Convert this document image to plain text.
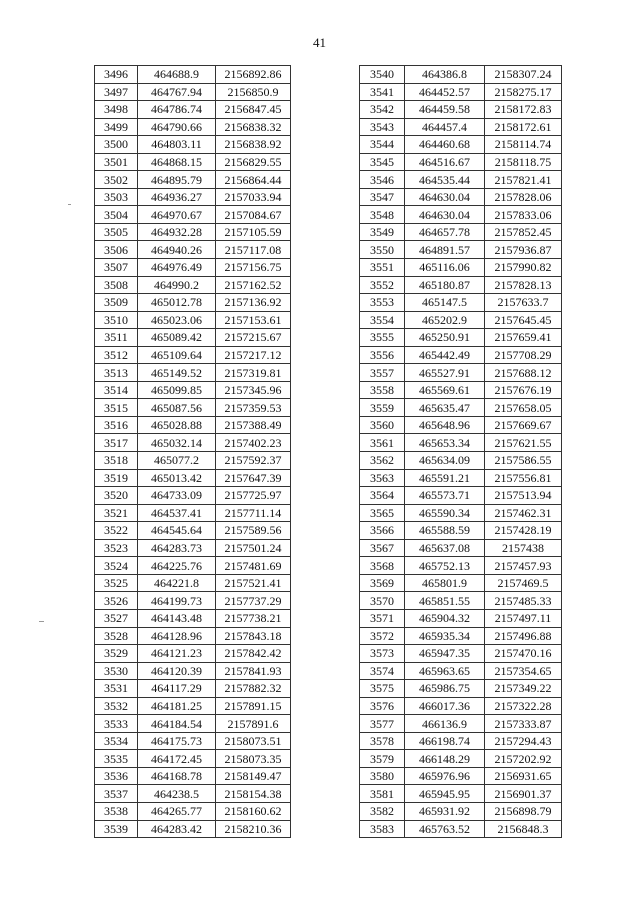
41
3496	464688.9	2156892.86
3497	464767.94	2156850.9
3498	464786.74	2156847.45
3499	464790.66	2156838.32
3500	464803.11	2156838.92
3501	464868.15	2156829.55
3502	464895.79	2156864.44
3503	464936.27	2157033.94
3504	464970.67	2157084.67
3505	464932.28	2157105.59
3506	464940.26	2157117.08
3507	464976.49	2157156.75
3508	464990.2	2157162.52
3509	465012.78	2157136.92
3510	465023.06	2157153.61
3511	465089.42	2157215.67
3512	465109.64	2157217.12
3513	465149.52	2157319.81
3514	465099.85	2157345.96
3515	465087.56	2157359.53
3516	465028.88	2157388.49
3517	465032.14	2157402.23
3518	465077.2	2157592.37
3519	465013.42	2157647.39
3520	464733.09	2157725.97
3521	464537.41	2157711.14
3522	464545.64	2157589.56
3523	464283.73	2157501.24
3524	464225.76	2157481.69
3525	464221.8	2157521.41
3526	464199.73	2157737.29
3527	464143.48	2157738.21
3528	464128.96	2157843.18
3529	464121.23	2157842.42
3530	464120.39	2157841.93
3531	464117.29	2157882.32
3532	464181.25	2157891.15
3533	464184.54	2157891.6
3534	464175.73	2158073.51
3535	464172.45	2158073.35
3536	464168.78	2158149.47
3537	464238.5	2158154.38
3538	464265.77	2158160.62
3539	464283.42	2158210.36
3540	464386.8	2158307.24
3541	464452.57	2158275.17
3542	464459.58	2158172.83
3543	464457.4	2158172.61
3544	464460.68	2158114.74
3545	464516.67	2158118.75
3546	464535.44	2157821.41
3547	464630.04	2157828.06
3548	464630.04	2157833.06
3549	464657.78	2157852.45
3550	464891.57	2157936.87
3551	465116.06	2157990.82
3552	465180.87	2157828.13
3553	465147.5	2157633.7
3554	465202.9	2157645.45
3555	465250.91	2157659.41
3556	465442.49	2157708.29
3557	465527.91	2157688.12
3558	465569.61	2157676.19
3559	465635.47	2157658.05
3560	465648.96	2157669.67
3561	465653.34	2157621.55
3562	465634.09	2157586.55
3563	465591.21	2157556.81
3564	465573.71	2157513.94
3565	465590.34	2157462.31
3566	465588.59	2157428.19
3567	465637.08	2157438
3568	465752.13	2157457.93
3569	465801.9	2157469.5
3570	465851.55	2157485.33
3571	465904.32	2157497.11
3572	465935.34	2157496.88
3573	465947.35	2157470.16
3574	465963.65	2157354.65
3575	465986.75	2157349.22
3576	466017.36	2157322.28
3577	466136.9	2157333.87
3578	466198.74	2157294.43
3579	466148.29	2157202.92
3580	465976.96	2156931.65
3581	465945.95	2156901.37
3582	465931.92	2156898.79
3583	465763.52	2156848.3
